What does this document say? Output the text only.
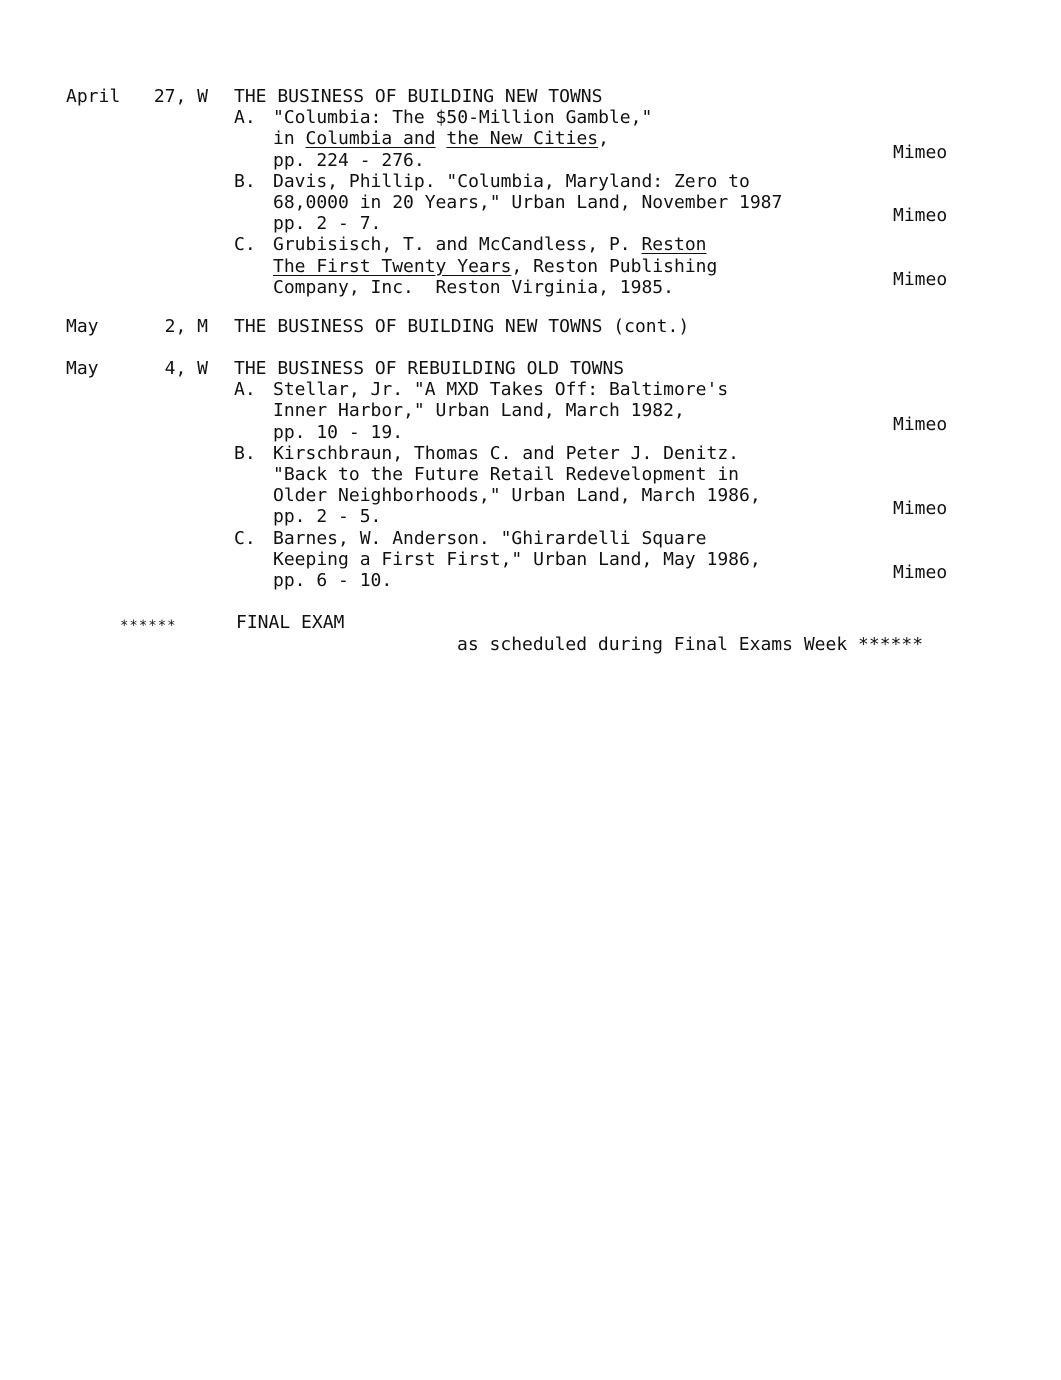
April	27, W THE BUSINESS OF BUILDING NEW TOWNS
A. "Columbia: The $50-Million Gamble,"
in Columbia and the New Cities,
pp. 224 - 276.	Mimeo
B. Davis, Phillip. "Columbia, Maryland: Zero to
68,0000 in 20 Years," Urban Land, November 1987
pp. 2 - 7.	Mimeo
C. Grubisisch, T. and McCandless, P. Reston
The First Twenty Years, Reston Publishing
Company, Inc.  Reston Virginia, 1985.	Mimeo
May	2, M THE BUSINESS OF BUILDING NEW TOWNS (cont.)
May	4, W THE BUSINESS OF REBUILDING OLD TOWNS
A. Stellar, Jr. "A MXD Takes Off: Baltimore's
Inner Harbor," Urban Land, March 1982,
pp. 10 - 19.	Mimeo
B. Kirschbraun, Thomas C. and Peter J. Denitz.
"Back to the Future Retail Redevelopment in
Older Neighborhoods," Urban Land, March 1986,
pp. 2 - 5.	Mimeo
C. Barnes, W. Anderson. "Ghirardelli Square
Keeping a First First," Urban Land, May 1986,
pp. 6 - 10.	Mimeo
******	FINAL EXAM

as scheduled during Final Exams Week ******
